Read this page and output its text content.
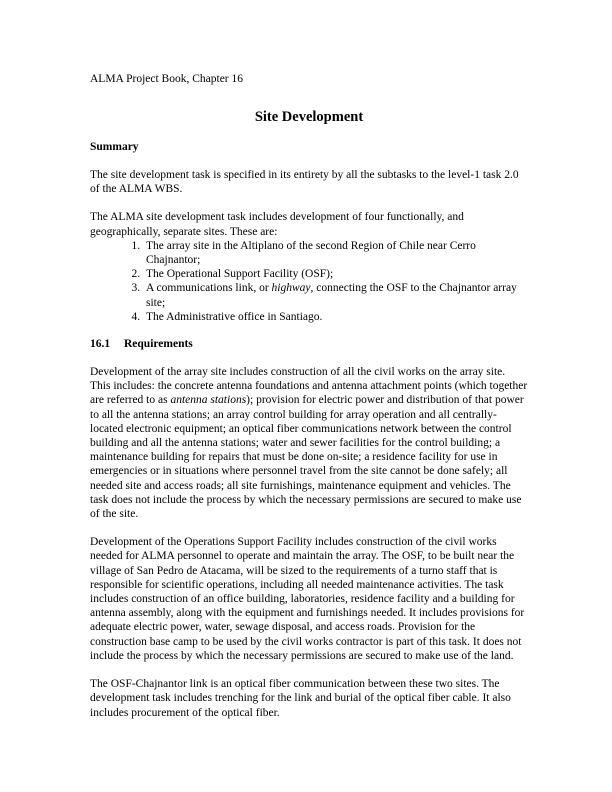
ALMA Project Book, Chapter 16

Site Development
Summary

The site development task is specified in its entirety by all the subtasks to the level-1 task 2.0 of the ALMA WBS.

The ALMA site development task includes development of four functionally, and geographically, separate sites. These are:

1. The array site in the Altiplano of the second Region of Chile near Cerro Chajnantor;
2. The Operational Support Facility (OSF);
3. A communications link, or highway, connecting the OSF to the Chajnantor array site;
4. The Administrative office in Santiago.
16.1 Requirements

Development of the array site includes construction of all the civil works on the array site. This includes: the concrete antenna foundations and antenna attachment points (which together are referred to as antenna stations); provision for electric power and distribution of that power to all the antenna stations; an array control building for array operation and all centrally-located electronic equipment; an optical fiber communications network between the control building and all the antenna stations; water and sewer facilities for the control building; a maintenance building for repairs that must be done on-site; a residence facility for use in emergencies or in situations where personnel travel from the site cannot be done safely; all needed site and access roads; all site furnishings, maintenance equipment and vehicles. The task does not include the process by which the necessary permissions are secured to make use of the site.

Development of the Operations Support Facility includes construction of the civil works needed for ALMA personnel to operate and maintain the array. The OSF, to be built near the village of San Pedro de Atacama, will be sized to the requirements of a turno staff that is responsible for scientific operations, including all needed maintenance activities. The task includes construction of an office building, laboratories, residence facility and a building for antenna assembly, along with the equipment and furnishings needed. It includes provisions for adequate electric power, water, sewage disposal, and access roads. Provision for the construction base camp to be used by the civil works contractor is part of this task. It does not include the process by which the necessary permissions are secured to make use of the land.

The OSF-Chajnantor link is an optical fiber communication between these two sites. The development task includes trenching for the link and burial of the optical fiber cable. It also includes procurement of the optical fiber.
